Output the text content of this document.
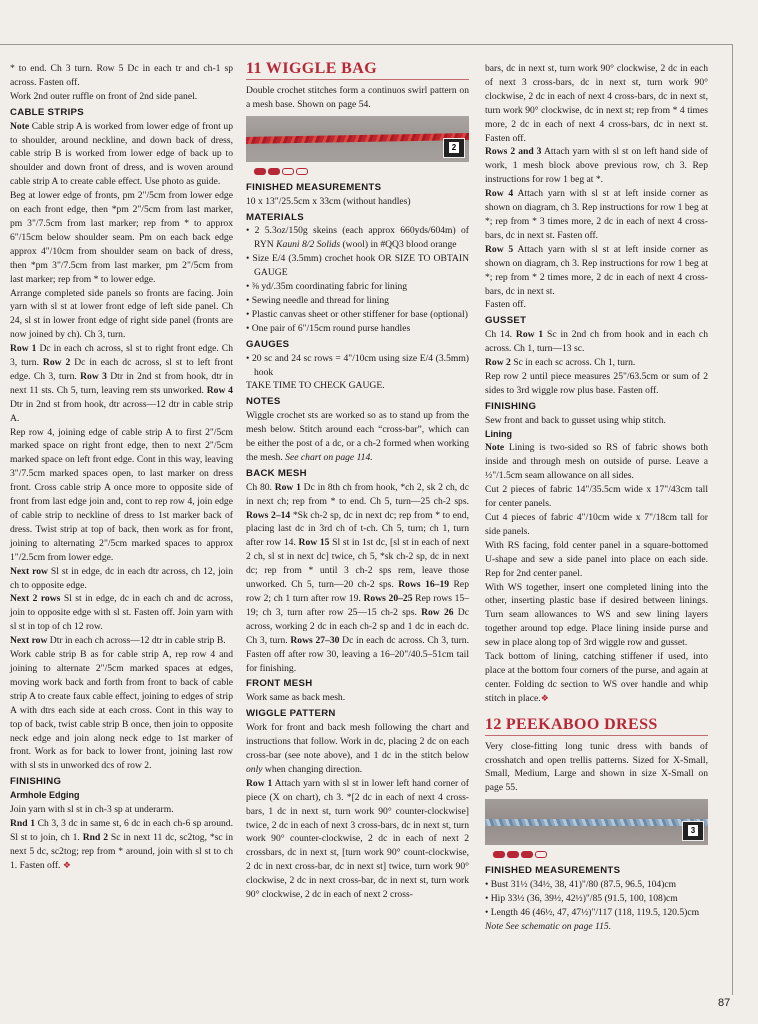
* to end. Ch 3 turn. Row 5 Dc in each tr and ch-1 sp across. Fasten off.

Work 2nd outer ruffle on front of 2nd side panel.

CABLE STRIPS

Note Cable strip A is worked from lower edge of front up to shoulder, around neckline, and down back of dress, cable strip B is worked from lower edge of back up to shoulder and down front of dress, and is woven around cable strip A to create cable effect. Use photo as guide.

Beg at lower edge of fronts, pm 2"/5cm from lower edge on each front edge, then *pm 2"/5cm from last marker, pm 3"/7.5cm from last marker; rep from * to approx 6"/15cm below shoulder seam. Pm on each back edge approx 4"/10cm from shoulder seam on back of dress, then *pm 3"/7.5cm from last marker, pm 2"/5cm from last marker; rep from * to lower edge.

Arrange completed side panels so fronts are facing. Join yarn with sl st at lower front edge of left side panel. Ch 24, sl st in lower front edge of right side panel (fronts are now joined by ch). Ch 3, turn.

Row 1 Dc in each ch across, sl st to right front edge. Ch 3, turn. Row 2 Dc in each dc across, sl st to left front edge. Ch 3, turn. Row 3 Dtr in 2nd st from hook, dtr in next 11 sts. Ch 5, turn, leaving rem sts unworked. Row 4 Dtr in 2nd st from hook, dtr across—12 dtr in cable strip A.

Rep row 4, joining edge of cable strip A to first 2"/5cm marked space on right front edge, then to next 2"/5cm marked space on left front edge. Cont in this way, leaving 3"/7.5cm marked spaces open, to last marker on dress front. Cross cable strip A once more to opposite side of front from last edge join and, cont to rep row 4, join edge of cable strip to neckline of dress to 1st marker back of dress. Twist strip at top of back, then work as for front, joining to alternating 2"/5cm marked spaces to approx 1"/2.5cm from lower edge.

Next row Sl st in edge, dc in each dtr across, ch 12, join ch to opposite edge.

Next 2 rows Sl st in edge, dc in each ch and dc across, join to opposite edge with sl st. Fasten off. Join yarn with sl st in top of ch 12 row.

Next row Dtr in each ch across—12 dtr in cable strip B.

Work cable strip B as for cable strip A, rep row 4 and joining to alternate 2"/5cm marked spaces at edges, moving work back and forth from front to back of cable strip A to create faux cable effect, joining to edges of strip A with dtrs each side at each cross. Cont in this way to top of back, twist cable strip B once, then join to opposite neck edge and join along neck edge to 1st marker of front. Work as for back to lower front, joining last row with sl sts in unworked dcs of row 2.

FINISHING
Armhole Edging

Join yarn with sl st in ch-3 sp at underarm.

Rnd 1 Ch 3, 3 dc in same st, 6 dc in each ch-6 sp around. Sl st to join, ch 1. Rnd 2 Sc in next 11 dc, sc2tog, *sc in next 5 dc, sc2tog; rep from * around, join with sl st to ch 1. Fasten off. ❖

11 WIGGLE BAG

Double crochet stitches form a continuos swirl pattern on a mesh base. Shown on page 54.

2
FINISHED MEASUREMENTS

10 x 13"/25.5cm x 33cm (without handles)

MATERIALS

• 2 5.3oz/150g skeins (each approx 660yds/604m) of RYN Kauni 8/2 Solids (wool) in #QQ3 blood orange

• Size E/4 (3.5mm) crochet hook OR SIZE TO OBTAIN GAUGE

• ⅜ yd/.35m coordinating fabric for lining

• Sewing needle and thread for lining

• Plastic canvas sheet or other stiffener for base (optional)

• One pair of 6"/15cm round purse handles

GAUGES

• 20 sc and 24 sc rows = 4"/10cm using size E/4 (3.5mm) hook

TAKE TIME TO CHECK GAUGE.

NOTES

Wiggle crochet sts are worked so as to stand up from the mesh below. Stitch around each “cross-bar”, which can be either the post of a dc, or a ch-2 formed when working the mesh. See chart on page 114.

BACK MESH

Ch 80. Row 1 Dc in 8th ch from hook, *ch 2, sk 2 ch, dc in next ch; rep from * to end. Ch 5, turn—25 ch-2 sps. Rows 2–14 *Sk ch-2 sp, dc in next dc; rep from * to end, placing last dc in 3rd ch of t-ch. Ch 5, turn; ch 1, turn after row 14. Row 15 Sl st in 1st dc, [sl st in each of next 2 ch, sl st in next dc] twice, ch 5, *sk ch-2 sp, dc in next dc; rep from * until 3 ch-2 sps rem, leave those unworked. Ch 5, turn—20 ch-2 sps. Rows 16–19 Rep row 2; ch 1 turn after row 19. Rows 20–25 Rep rows 15–19; ch 3, turn after row 25—15 ch-2 sps. Row 26 Dc across, working 2 dc in each ch-2 sp and 1 dc in each dc. Ch 3, turn. Rows 27–30 Dc in each dc across. Ch 3, turn. Fasten off after row 30, leaving a 16–20"/40.5–51cm tail for finishing.

FRONT MESH

Work same as back mesh.

WIGGLE PATTERN

Work for front and back mesh following the chart and instructions that follow. Work in dc, placing 2 dc on each cross-bar (see note above), and 1 dc in the stitch below only when changing direction.

Row 1 Attach yarn with sl st in lower left hand corner of piece (X on chart), ch 3. *[2 dc in each of next 4 cross-bars, 1 dc in next st, turn work 90° counter-clockwise] twice, 2 dc in each of next 3 cross-bars, dc in next st, turn work 90° counter-clockwise, 2 dc in each of next 2 crossbars, dc in next st, [turn work 90° count-clockwise, 2 dc in next cross-bar, dc in next st] twice, turn work 90° clockwise, 2 dc in next cross-bar, dc in next st, turn work 90° clockwise, 2 dc in each of next 2 cross-

bars, dc in next st, turn work 90° clockwise, 2 dc in each of next 3 cross-bars, dc in next st, turn work 90° clockwise, 2 dc in each of next 4 cross-bars, dc in next st, turn work 90° clockwise, dc in next st; rep from * 4 times more, 2 dc in each of next 4 cross-bars, dc in next st. Fasten off.

Rows 2 and 3 Attach yarn with sl st on left hand side of work, 1 mesh block above previous row, ch 3. Rep instructions for row 1 beg at *.

Row 4 Attach yarn with sl st at left inside corner as shown on diagram, ch 3. Rep instructions for row 1 beg at *; rep from * 3 times more, 2 dc in each of next 4 cross-bars, dc in next st. Fasten off.

Row 5 Attach yarn with sl st at left inside corner as shown on diagram, ch 3. Rep instructions for row 1 beg at *; rep from * 2 times more, 2 dc in each of next 4 cross-bars, dc in next st.

Fasten off.

GUSSET

Ch 14. Row 1 Sc in 2nd ch from hook and in each ch across. Ch 1, turn—13 sc.

Row 2 Sc in each sc across. Ch 1, turn.

Rep row 2 until piece measures 25"/63.5cm or sum of 2 sides to 3rd wiggle row plus base. Fasten off.

FINISHING

Sew front and back to gusset using whip stitch.

Lining

Note Lining is two-sided so RS of fabric shows both inside and through mesh on outside of purse. Leave a ½"/1.5cm seam allowance on all sides.

Cut 2 pieces of fabric 14"/35.5cm wide x 17"/43cm tall for center panels.

Cut 4 pieces of fabric 4"/10cm wide x 7"/18cm tall for side panels.

With RS facing, fold center panel in a square-bottomed U-shape and sew a side panel into place on each side. Rep for 2nd center panel.

With WS together, insert one completed lining into the other, inserting plastic base if desired between linings. Turn seam allowances to WS and sew lining layers together around top edge. Place lining inside purse and sew in place along top of 3rd wiggle row and gusset.

Tack bottom of lining, catching stiffener if used, into place at the bottom four corners of the purse, and again at center. Folding dc section to WS over handle and whip stitch in place.❖

12 PEEKABOO DRESS

Very close-fitting long tunic dress with bands of crosshatch and open trellis patterns. Sized for X-Small, Small, Medium, Large and shown in size X-Small on page 55.

3
FINISHED MEASUREMENTS

• Bust 31½ (34½, 38, 41)"/80 (87.5, 96.5, 104)cm

• Hip 33½ (36, 39½, 42½)"/85 (91.5, 100, 108)cm

• Length 46 (46½, 47, 47½)"/117 (118, 119.5, 120.5)cm

Note See schematic on page 115.

87
